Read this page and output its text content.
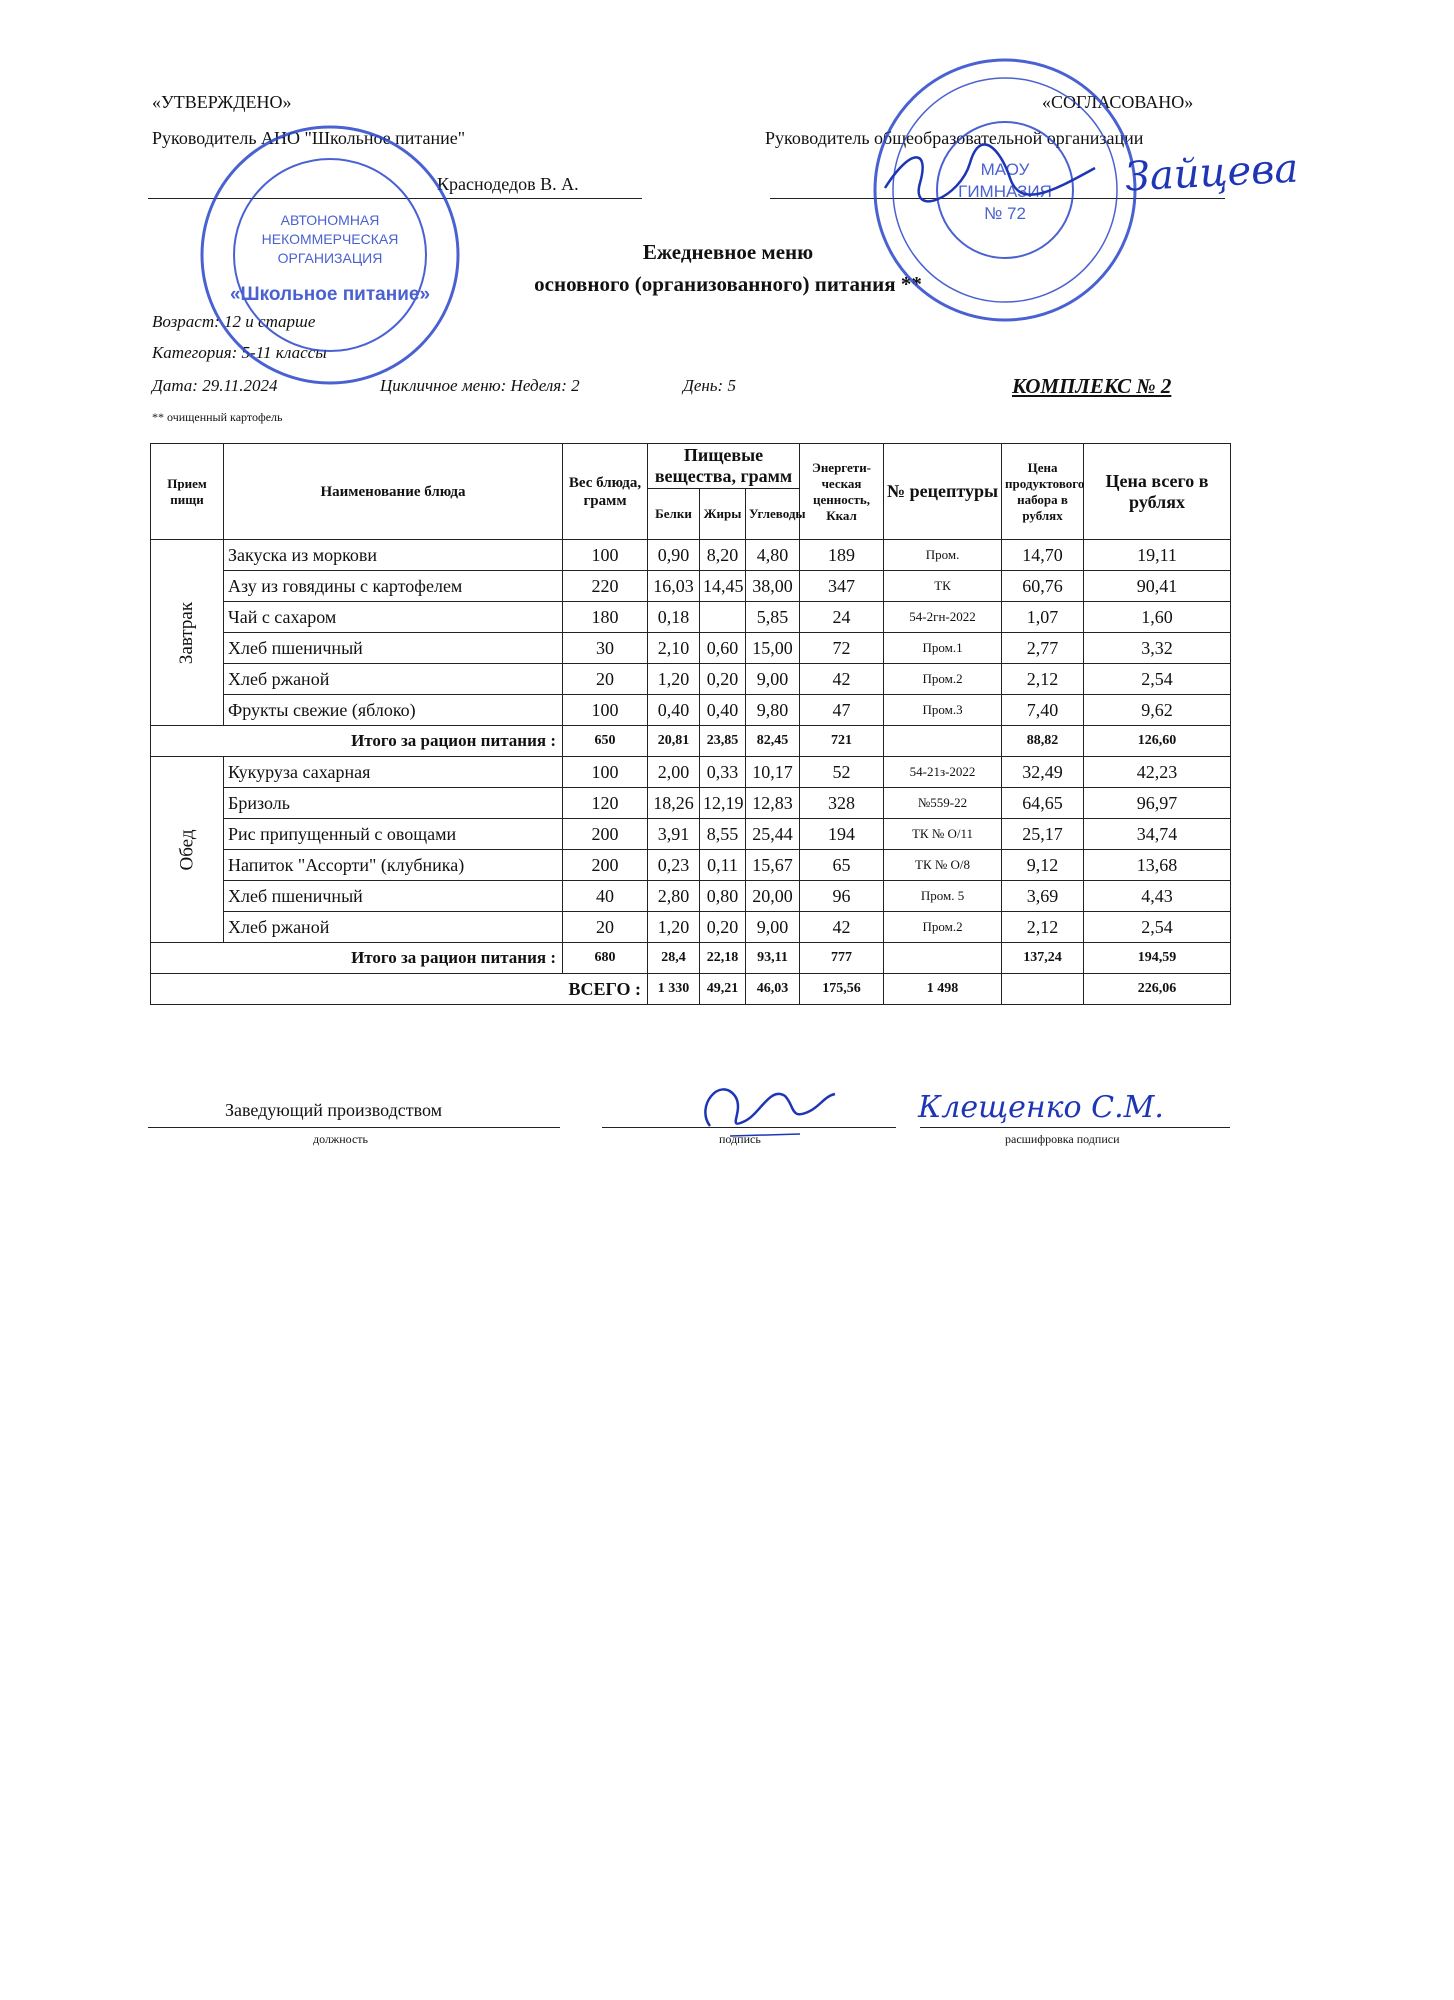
«УТВЕРЖДЕНО»
Руководитель АНО "Школьное питание"
Краснодедов В. А.
«СОГЛАСОВАНО»
Руководитель общеобразовательной организации
Ежедневное меню
основного (организованного) питания **
Возраст: 12 и старше
Категория: 5-11 классы
Дата: 29.11.2024	Цикличное меню: Неделя: 2	День: 5	КОМПЛЕКС № 2
** очищенный картофель
Прием пищи	Наименование блюда	Вес блюда, грамм	Пищевые вещества, грамм			Энергети-ческая ценность, Ккал	№ рецептуры	Цена продуктового набора в рублях	Цена всего в рублях	
			Белки	Жиры	Углеводы					
Завтрак	Закуска из моркови	100	0,90	8,20	4,80	189	Пром.	14,70	19,11	
	Азу из говядины с картофелем	220	16,03	14,45	38,00	347	ТК	60,76	90,41	
	Чай с сахаром	180	0,18		5,85	24	54-2гн-2022	1,07	1,60	
	Хлеб пшеничный	30	2,10	0,60	15,00	72	Пром.1	2,77	3,32	
	Хлеб ржаной	20	1,20	0,20	9,00	42	Пром.2	2,12	2,54	
	Фрукты свежие (яблоко)	100	0,40	0,40	9,80	47	Пром.3	7,40	9,62	
Итого за рацион питания :		650	20,81	23,85	82,45	721		88,82	126,60	
Обед	Кукуруза сахарная	100	2,00	0,33	10,17	52	54-21з-2022	32,49	42,23	
	Бризоль	120	18,26	12,19	12,83	328	№559-22	64,65	96,97	
	Рис припущенный с овощами	200	3,91	8,55	25,44	194	ТК № О/11	25,17	34,74	
	Напиток "Ассорти" (клубника)	200	0,23	0,11	15,67	65	ТК № О/8	9,12	13,68	
	Хлеб пшеничный	40	2,80	0,80	20,00	96	Пром. 5	3,69	4,43	
	Хлеб ржаной	20	1,20	0,20	9,00	42	Пром.2	2,12	2,54	
Итого за рацион питания :		680	28,4	22,18	93,11	777		137,24	194,59	
ВСЕГО :			1 330	49,21	46,03	175,56	1 498		226,06	
Заведующий производством
должность	подпись	расшифровка подписи
АВТОНОМНАЯ
НЕКОММЕРЧЕСКАЯ
ОРГАНИЗАЦИЯ
«Школьное питание»
МАОУ
ГИМНАЗИЯ
№ 72
Зайцева
Клещенко С.М.
